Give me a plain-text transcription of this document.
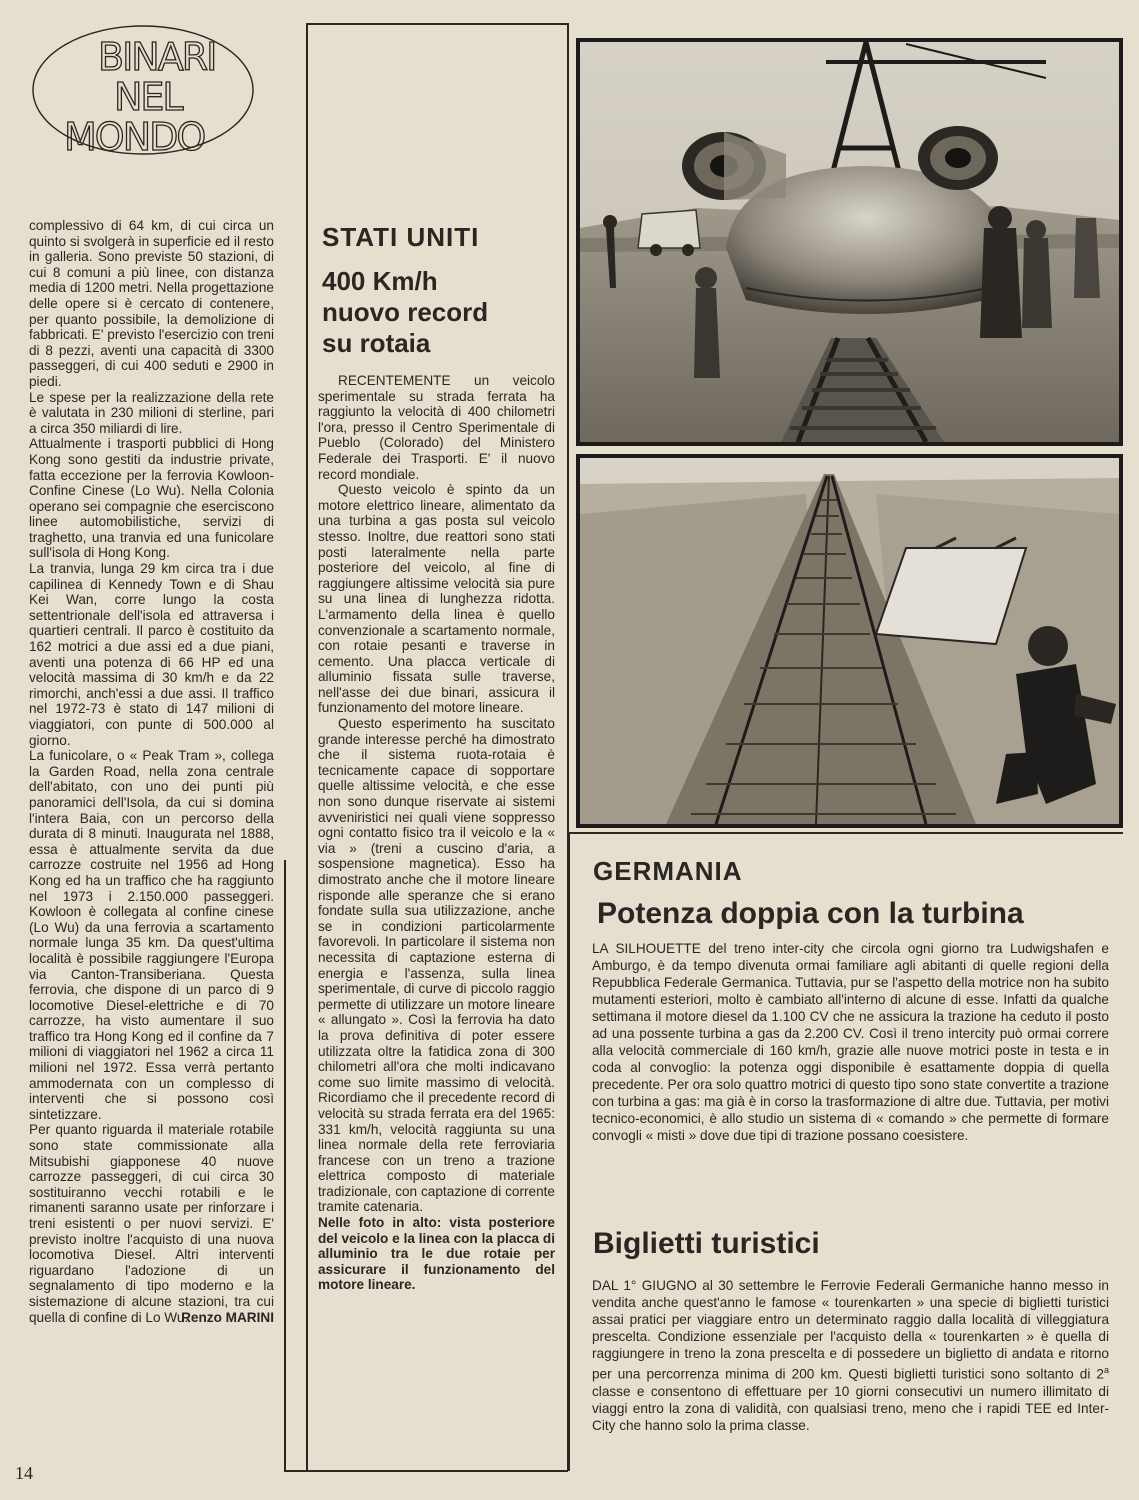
BINARI
NEL
MONDO

complessivo di 64 km, di cui circa un quinto si svolgerà in superficie ed il resto in galleria. Sono previste 50 stazioni, di cui 8 comuni a più linee, con distanza media di 1200 metri. Nella progettazione delle opere si è cercato di contenere, per quanto possibile, la demolizione di fabbricati. E' previsto l'esercizio con treni di 8 pezzi, aventi una capacità di 3300 passeggeri, di cui 400 seduti e 2900 in piedi.

Le spese per la realizzazione della rete è valutata in 230 milioni di sterline, pari a circa 350 miliardi di lire.

Attualmente i trasporti pubblici di Hong Kong sono gestiti da industrie private, fatta eccezione per la ferrovia Kowloon-Confine Cinese (Lo Wu). Nella Colonia operano sei compagnie che eserciscono linee automobilistiche, servizi di traghetto, una tranvia ed una funicolare sull'isola di Hong Kong.

La tranvia, lunga 29 km circa tra i due capilinea di Kennedy Town e di Shau Kei Wan, corre lungo la costa settentrionale dell'isola ed attraversa i quartieri centrali. Il parco è costituito da 162 motrici a due assi ed a due piani, aventi una potenza di 66 HP ed una velocità massima di 30 km/h e da 22 rimorchi, anch'essi a due assi. Il traffico nel 1972-73 è stato di 147 milioni di viaggiatori, con punte di 500.000 al giorno.

La funicolare, o « Peak Tram », collega la Garden Road, nella zona centrale dell'abitato, con uno dei punti più panoramici dell'Isola, da cui si domina l'intera Baia, con un percorso della durata di 8 minuti. Inaugurata nel 1888, essa è attualmente servita da due carrozze costruite nel 1956 ad Hong Kong ed ha un traffico che ha raggiunto nel 1973 i 2.150.000 passeggeri. Kowloon è collegata al confine cinese (Lo Wu) da una ferrovia a scartamento normale lunga 35 km. Da quest'ultima località è possibile raggiungere l'Europa via Canton-Transiberiana. Questa ferrovia, che dispone di un parco di 9 locomotive Diesel-elettriche e di 70 carrozze, ha visto aumentare il suo traffico tra Hong Kong ed il confine da 7 milioni di viaggiatori nel 1962 a circa 11 milioni nel 1972. Essa verrà pertanto ammodernata con un complesso di interventi che si possono così sintetizzare.

Per quanto riguarda il materiale rotabile sono state commissionate alla Mitsubishi giapponese 40 nuove carrozze passeggeri, di cui circa 30 sostituiranno vecchi rotabili e le rimanenti saranno usate per rinforzare i treni esistenti o per nuovi servizi. E' previsto inoltre l'acquisto di una nuova locomotiva Diesel. Altri interventi riguardano l'adozione di un segnalamento di tipo moderno e la sistemazione di alcune stazioni, tra cui quella di confine di Lo Wu.

Renzo MARINI

STATI UNITI
400 Km/h
nuovo record
su rotaia

RECENTEMENTE un veicolo sperimentale su strada ferrata ha raggiunto la velocità di 400 chilometri l'ora, presso il Centro Sperimentale di Pueblo (Colorado) del Ministero Federale dei Trasporti. E' il nuovo record mondiale.

Questo veicolo è spinto da un motore elettrico lineare, alimentato da una turbina a gas posta sul veicolo stesso. Inoltre, due reattori sono stati posti lateralmente nella parte posteriore del veicolo, al fine di raggiungere altissime velocità sia pure su una linea di lunghezza ridotta. L'armamento della linea è quello convenzionale a scartamento normale, con rotaie pesanti e traverse in cemento. Una placca verticale di alluminio fissata sulle traverse, nell'asse dei due binari, assicura il funzionamento del motore lineare.

Questo esperimento ha suscitato grande interesse perché ha dimostrato che il sistema ruota-rotaia è tecnicamente capace di sopportare quelle altissime velocità, e che esse non sono dunque riservate ai sistemi avveniristici nei quali viene soppresso ogni contatto fisico tra il veicolo e la « via » (treni a cuscino d'aria, a sospensione magnetica). Esso ha dimostrato anche che il motore lineare risponde alle speranze che si erano fondate sulla sua utilizzazione, anche se in condizioni particolarmente favorevoli. In particolare il sistema non necessita di captazione esterna di energia e l'assenza, sulla linea sperimentale, di curve di piccolo raggio permette di utilizzare un motore lineare « allungato ». Così la ferrovia ha dato la prova definitiva di poter essere utilizzata oltre la fatidica zona di 300 chilometri all'ora che molti indicavano come suo limite massimo di velocità. Ricordiamo che il precedente record di velocità su strada ferrata era del 1965: 331 km/h, velocità raggiunta su una linea normale della rete ferroviaria francese con un treno a trazione elettrica composto di materiale tradizionale, con captazione di corrente tramite catenaria.

Nelle foto in alto: vista posteriore del veicolo e la linea con la placca di alluminio tra le due rotaie per assicurare il funzionamento del motore lineare.

GERMANIA
Potenza doppia con la turbina

LA SILHOUETTE del treno inter-city che circola ogni giorno tra Ludwigshafen e Amburgo, è da tempo divenuta ormai familiare agli abitanti di quelle regioni della Repubblica Federale Germanica. Tuttavia, pur se l'aspetto della motrice non ha subito mutamenti esteriori, molto è cambiato all'interno di alcune di esse. Infatti da qualche settimana il motore diesel da 1.100 CV che ne assicura la trazione ha ceduto il posto ad una possente turbina a gas da 2.200 CV. Così il treno intercity può ormai correre alla velocità commerciale di 160 km/h, grazie alle nuove motrici poste in testa e in coda al convoglio: la potenza oggi disponibile è esattamente doppia di quella precedente. Per ora solo quattro motrici di questo tipo sono state convertite a trazione con turbina a gas: ma già è in corso la trasformazione di altre due. Tuttavia, per motivi tecnico-economici, è allo studio un sistema di « comando » che permette di formare convogli « misti » dove due tipi di trazione possano coesistere.

Biglietti turistici

DAL 1° GIUGNO al 30 settembre le Ferrovie Federali Germaniche hanno messo in vendita anche quest'anno le famose « tourenkarten » una specie di biglietti turistici assai pratici per viaggiare entro un determinato raggio dalla località di villeggiatura prescelta. Condizione essenziale per l'acquisto della « tourenkarten » è quella di raggiungere in treno la zona prescelta e di possedere un biglietto di andata e ritorno per una percorrenza minima di 200 km. Questi biglietti turistici sono soltanto di 2$^a$ classe e consentono di effettuare per 10 giorni consecutivi un numero illimitato di viaggi entro la zona di validità, con qualsiasi treno, meno che i rapidi TEE ed Inter-City che hanno solo la prima classe.

14
